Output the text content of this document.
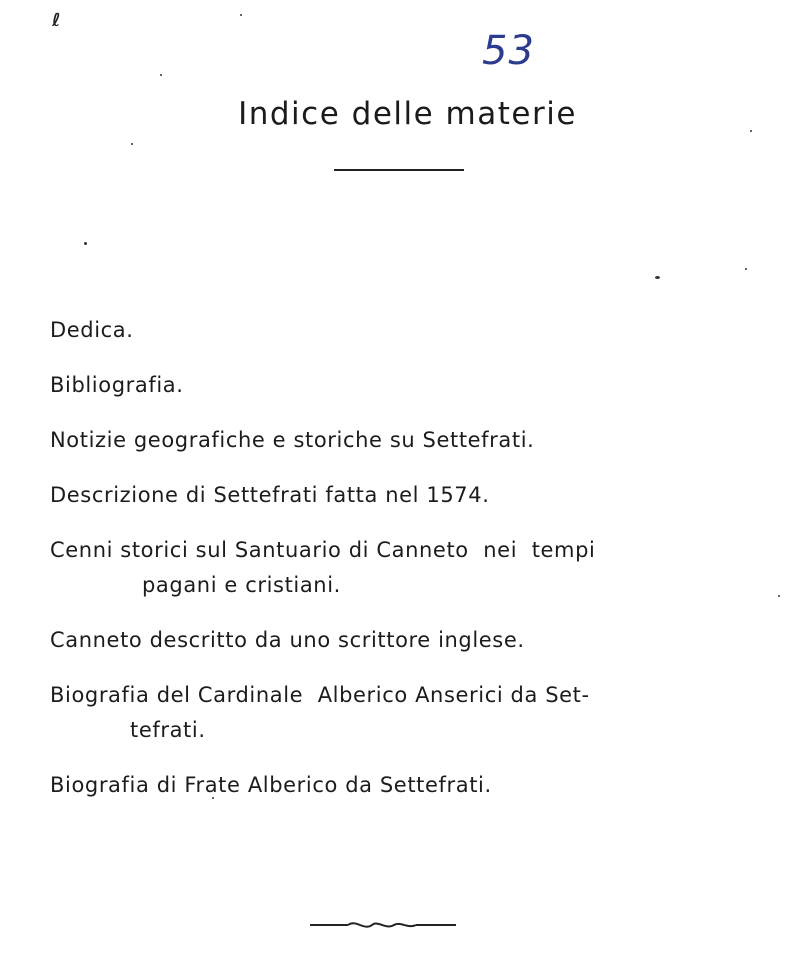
ℓ
53
Indice delle materie
Dedica.
Bibliografia.
Notizie geografiche e storiche su Settefrati.
Descrizione di Settefrati fatta nel 1574.
Cenni storici sul Santuario di Canneto  nei  tempi
pagani e cristiani.
Canneto descritto da uno scrittore inglese.
Biografia del Cardinale  Alberico Anserici da Set-
tefrati.
Biografia di Frate Alberico da Settefrati.
